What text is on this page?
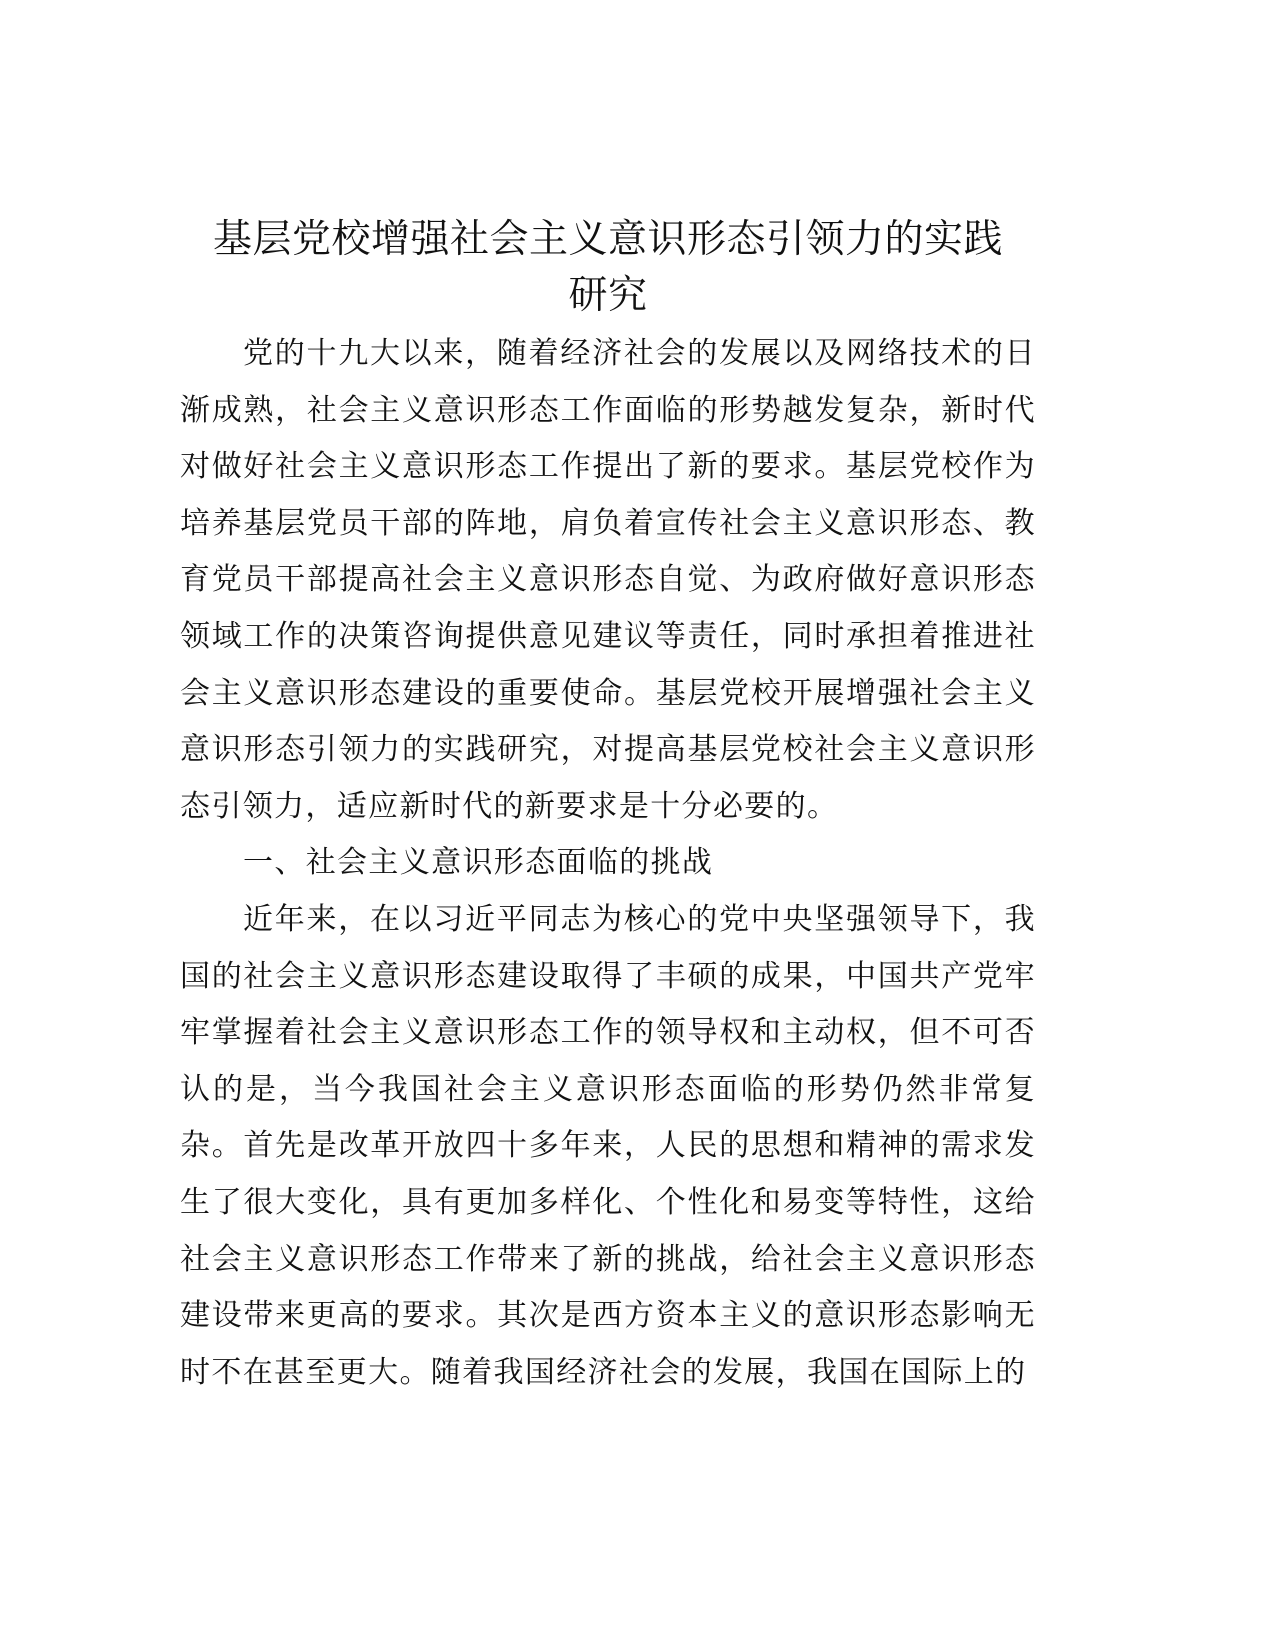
基层党校增强社会主义意识形态引领力的实践
研究

党的十九大以来，随着经济社会的发展以及网络技术的日渐成熟，社会主义意识形态工作面临的形势越发复杂，新时代对做好社会主义意识形态工作提出了新的要求。基层党校作为培养基层党员干部的阵地，肩负着宣传社会主义意识形态、教育党员干部提高社会主义意识形态自觉、为政府做好意识形态领域工作的决策咨询提供意见建议等责任，同时承担着推进社会主义意识形态建设的重要使命。基层党校开展增强社会主义意识形态引领力的实践研究，对提高基层党校社会主义意识形态引领力，适应新时代的新要求是十分必要的。

一、社会主义意识形态面临的挑战

近年来，在以习近平同志为核心的党中央坚强领导下，我国的社会主义意识形态建设取得了丰硕的成果，中国共产党牢牢掌握着社会主义意识形态工作的领导权和主动权，但不可否认的是，当今我国社会主义意识形态面临的形势仍然非常复杂。首先是改革开放四十多年来，人民的思想和精神的需求发生了很大变化，具有更加多样化、个性化和易变等特性，这给社会主义意识形态工作带来了新的挑战，给社会主义意识形态建设带来更高的要求。其次是西方资本主义的意识形态影响无时不在甚至更大。随着我国经济社会的发展，我国在国际上的
